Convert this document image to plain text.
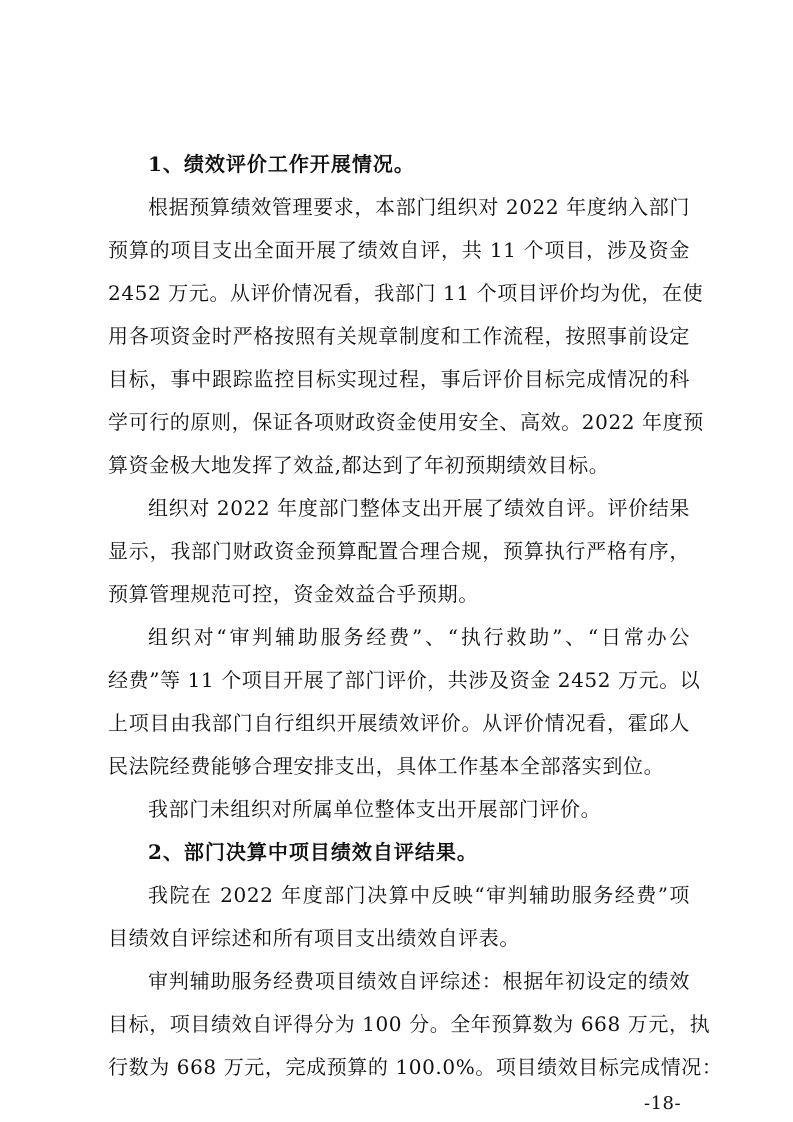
1、绩效评价工作开展情况。
根据预算绩效管理要求，本部门组织对 2022 年度纳入部门
预算的项目支出全面开展了绩效自评，共 11 个项目，涉及资金
2452 万元。从评价情况看，我部门 11 个项目评价均为优，在使
用各项资金时严格按照有关规章制度和工作流程，按照事前设定
目标，事中跟踪监控目标实现过程，事后评价目标完成情况的科
学可行的原则，保证各项财政资金使用安全、高效。2022 年度预
算资金极大地发挥了效益,都达到了年初预期绩效目标。
组织对 2022 年度部门整体支出开展了绩效自评。评价结果
显示，我部门财政资金预算配置合理合规，预算执行严格有序，
预算管理规范可控，资金效益合乎预期。
组织对“审判辅助服务经费”、“执行救助”、“日常办公
经费”等 11 个项目开展了部门评价，共涉及资金 2452 万元。以
上项目由我部门自行组织开展绩效评价。从评价情况看，霍邱人
民法院经费能够合理安排支出，具体工作基本全部落实到位。
我部门未组织对所属单位整体支出开展部门评价。
2、部门决算中项目绩效自评结果。
我院在 2022 年度部门决算中反映“审判辅助服务经费”项
目绩效自评综述和所有项目支出绩效自评表。
审判辅助服务经费项目绩效自评综述：根据年初设定的绩效
目标，项目绩效自评得分为 100 分。全年预算数为 668 万元，执
行数为 668 万元，完成预算的 100.0%。项目绩效目标完成情况：
-18-
